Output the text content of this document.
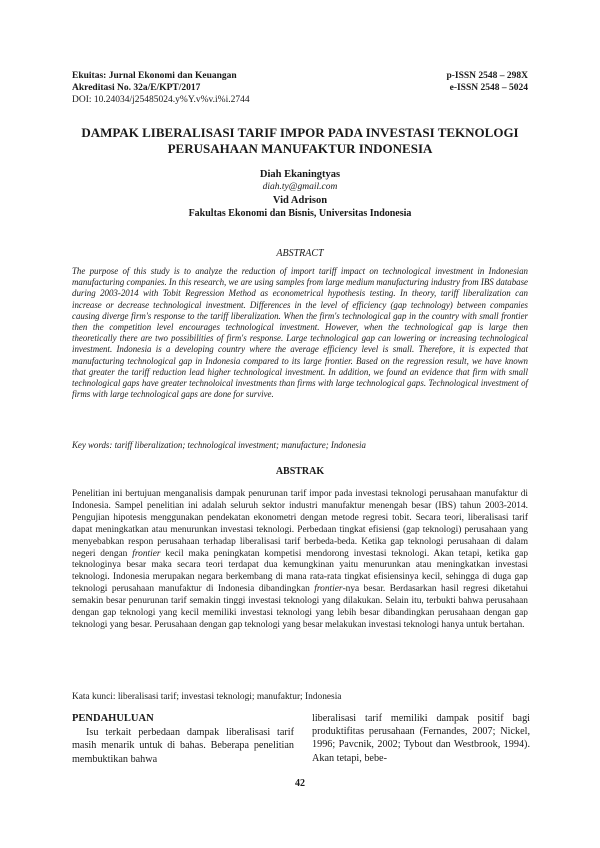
Ekuitas: Jurnal Ekonomi dan Keuangan	p-ISSN 2548 – 298X
Akreditasi No. 32a/E/KPT/2017	e-ISSN 2548 – 5024
DOI: 10.24034/j25485024.y%Y.v%v.i%i.2744
DAMPAK LIBERALISASI TARIF IMPOR PADA INVESTASI TEKNOLOGI
PERUSAHAAN MANUFAKTUR INDONESIA
Diah Ekaningtyas
diah.ty@gmail.com
Vid Adrison
Fakultas Ekonomi dan Bisnis, Universitas Indonesia
ABSTRACT
The purpose of this study is to analyze the reduction of import tariff impact on technological investment in Indonesian manufacturing companies. In this research, we are using samples from large medium manufacturing industry from IBS database during 2003-2014 with Tobit Regression Method as econometrical hypothesis testing. In theory, tariff liberalization can increase or decrease technological investment. Differences in the level of efficiency (gap technology) between companies causing diverge firm's response to the tariff liberalization. When the firm's technological gap in the country with small frontier then the competition level encourages technological investment. However, when the technological gap is large then theoretically there are two possibilities of firm's response. Large technological gap can lowering or increasing technological investment. Indonesia is a developing country where the average efficiency level is small. Therefore, it is expected that manufacturing technological gap in Indonesia compared to its large frontier. Based on the regression result, we have known that greater the tariff reduction lead higher technological investment. In addition, we found an evidence that firm with small technological gaps have greater technoloical investments than firms with large technological gaps. Technological investment of firms with large technological gaps are done for survive.
Key words: tariff liberalization; technological investment; manufacture; Indonesia
ABSTRAK
Penelitian ini bertujuan menganalisis dampak penurunan tarif impor pada investasi teknologi perusahaan manufaktur di Indonesia. Sampel penelitian ini adalah seluruh sektor industri manufaktur menengah besar (IBS) tahun 2003-2014. Pengujian hipotesis menggunakan pendekatan ekonometri dengan metode regresi tobit. Secara teori, liberalisasi tarif dapat meningkatkan atau menurunkan investasi teknologi. Perbedaan tingkat efisiensi (gap teknologi) perusahaan yang menyebabkan respon perusahaan terhadap liberalisasi tarif berbeda-beda. Ketika gap teknologi perusahaan di dalam negeri dengan frontier kecil maka peningkatan kompetisi mendorong investasi teknologi. Akan tetapi, ketika gap teknologinya besar maka secara teori terdapat dua kemungkinan yaitu menurunkan atau meningkatkan investasi teknologi. Indonesia merupakan negara berkembang di mana rata-rata tingkat efisiensinya kecil, sehingga di duga gap teknologi perusahaan manufaktur di Indonesia dibandingkan frontier-nya besar. Berdasarkan hasil regresi diketahui semakin besar penurunan tarif semakin tinggi investasi teknologi yang dilakukan. Selain itu, terbukti bahwa perusahaan dengan gap teknologi yang kecil memiliki investasi teknologi yang lebih besar dibandingkan perusahaan dengan gap teknologi yang besar. Perusahaan dengan gap teknologi yang besar melakukan investasi teknologi hanya untuk bertahan.
Kata kunci: liberalisasi tarif; investasi teknologi; manufaktur; Indonesia
PENDAHULUAN

Isu terkait perbedaan dampak liberalisasi tarif masih menarik untuk di bahas. Beberapa penelitian membuktikan bahwa

liberalisasi tarif memiliki dampak positif bagi produktifitas perusahaan (Fernandes, 2007; Nickel, 1996; Pavcnik, 2002; Tybout dan Westbrook, 1994). Akan tetapi, bebe-

42
